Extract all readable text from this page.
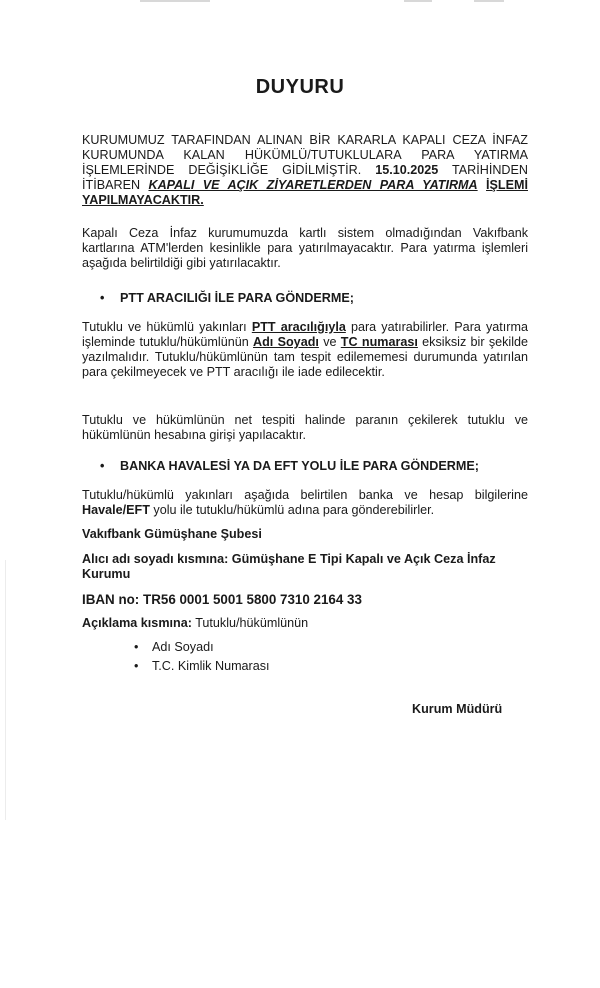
DUYURU

KURUMUMUZ TARAFINDAN ALINAN BİR KARARLA KAPALI CEZA İNFAZ KURUMUNDA KALAN HÜKÜMLÜ/TUTUKLULARA PARA YATIRMA İŞLEMLERİNDE DEĞİŞİKLİĞE GİDİLMİŞTİR. 15.10.2025 TARİHİNDEN İTİBAREN KAPALI VE AÇIK ZİYARETLERDEN PARA YATIRMA İŞLEMİ YAPILMAYACAKTIR.

Kapalı Ceza İnfaz kurumumuzda kartlı sistem olmadığından Vakıfbank kartlarına ATM'lerden kesinlikle para yatırılmayacaktır. Para yatırma işlemleri aşağıda belirtildiği gibi yatırılacaktır.

• PTT ARACILIĞI İLE PARA GÖNDERME;

Tutuklu ve hükümlü yakınları PTT aracılığıyla para yatırabilirler. Para yatırma işleminde tutuklu/hükümlünün Adı Soyadı ve TC numarası eksiksiz bir şekilde yazılmalıdır. Tutuklu/hükümlünün tam tespit edilememesi durumunda yatırılan para çekilmeyecek ve PTT aracılığı ile iade edilecektir.

Tutuklu ve hükümlünün net tespiti halinde paranın çekilerek tutuklu ve hükümlünün hesabına girişi yapılacaktır.

• BANKA HAVALESİ YA DA EFT YOLU İLE PARA GÖNDERME;

Tutuklu/hükümlü yakınları aşağıda belirtilen banka ve hesap bilgilerine Havale/EFT yolu ile tutuklu/hükümlü adına para gönderebilirler.

Vakıfbank Gümüşhane Şubesi
Alıcı adı soyadı kısmına: Gümüşhane E Tipi Kapalı ve Açık Ceza İnfaz Kurumu
IBAN no: TR56 0001 5001 5800 7310 2164 33
Açıklama kısmına: Tutuklu/hükümlünün
• Adı Soyadı
• T.C. Kimlik Numarası
Kurum Müdürü
